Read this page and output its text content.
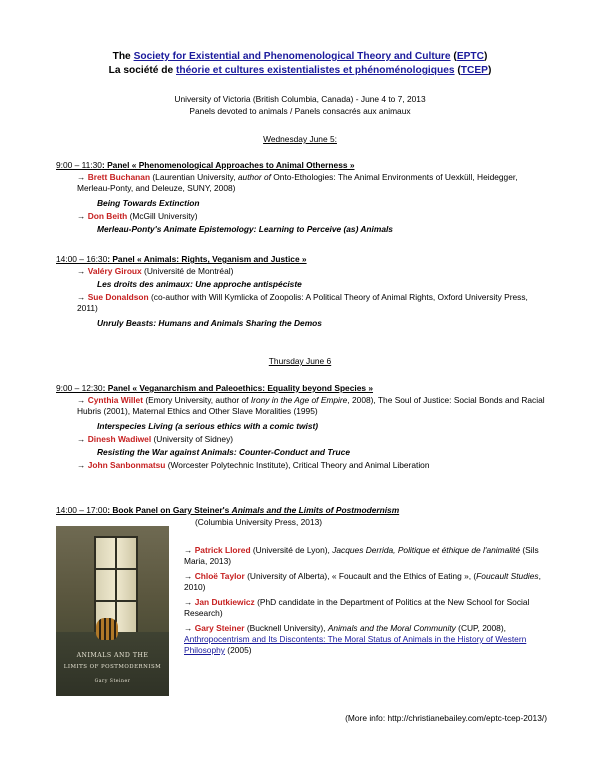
The Society for Existential and Phenomenological Theory and Culture (EPTC)
La société de théorie et cultures existentialistes et phénoménologiques (TCEP)
University of Victoria (British Columbia, Canada) - June 4 to 7, 2013
Panels devoted to animals / Panels consacrés aux animaux
Wednesday June 5:
9:00 – 11:30: Panel « Phenomenological Approaches to Animal Otherness »
→ Brett Buchanan (Laurentian University, author of Onto-Ethologies: The Animal Environments of Uexküll, Heidegger, Merleau-Ponty, and Deleuze, SUNY, 2008)
Being Towards Extinction
→ Don Beith (McGill University)
Merleau-Ponty's Animate Epistemology: Learning to Perceive (as) Animals
14:00 – 16:30: Panel « Animals: Rights, Veganism and Justice »
→ Valéry Giroux (Université de Montréal)
Les droits des animaux: Une approche antispéciste
→ Sue Donaldson (co-author with Will Kymlicka of Zoopolis: A Political Theory of Animal Rights, Oxford University Press, 2011)
Unruly Beasts: Humans and Animals Sharing the Demos
Thursday June 6
9:00 – 12:30: Panel « Veganarchism and Paleoethics: Equality beyond Species »
→ Cynthia Willet (Emory University, author of Irony in the Age of Empire, 2008), The Soul of Justice: Social Bonds and Racial Hubris (2001), Maternal Ethics and Other Slave Moralities (1995)
Interspecies Living (a serious ethics with a comic twist)
→ Dinesh Wadiwel (University of Sidney)
Resisting the War against Animals: Counter-Conduct and Truce
→ John Sanbonmatsu (Worcester Polytechnic Institute), Critical Theory and Animal Liberation
14:00 – 17:00: Book Panel on Gary Steiner's Animals and the Limits of Postmodernism
(Columbia University Press, 2013)
ANIMALS AND THE
LIMITS OF POSTMODERNISM
Gary Steiner
→ Patrick Llored (Université de Lyon), Jacques Derrida, Politique et éthique de l'animalité (Sils Maria, 2013)
→ Chloë Taylor (University of Alberta), « Foucault and the Ethics of Eating », (Foucault Studies, 2010)
→ Jan Dutkiewicz (PhD candidate in the Department of Politics at the New School for Social Research)
→ Gary Steiner (Bucknell University), Animals and the Moral Community (CUP, 2008), Anthropocentrism and Its Discontents: The Moral Status of Animals in the History of Western Philosophy (2005)
(More info: http://christianebailey.com/eptc-tcep-2013/)
